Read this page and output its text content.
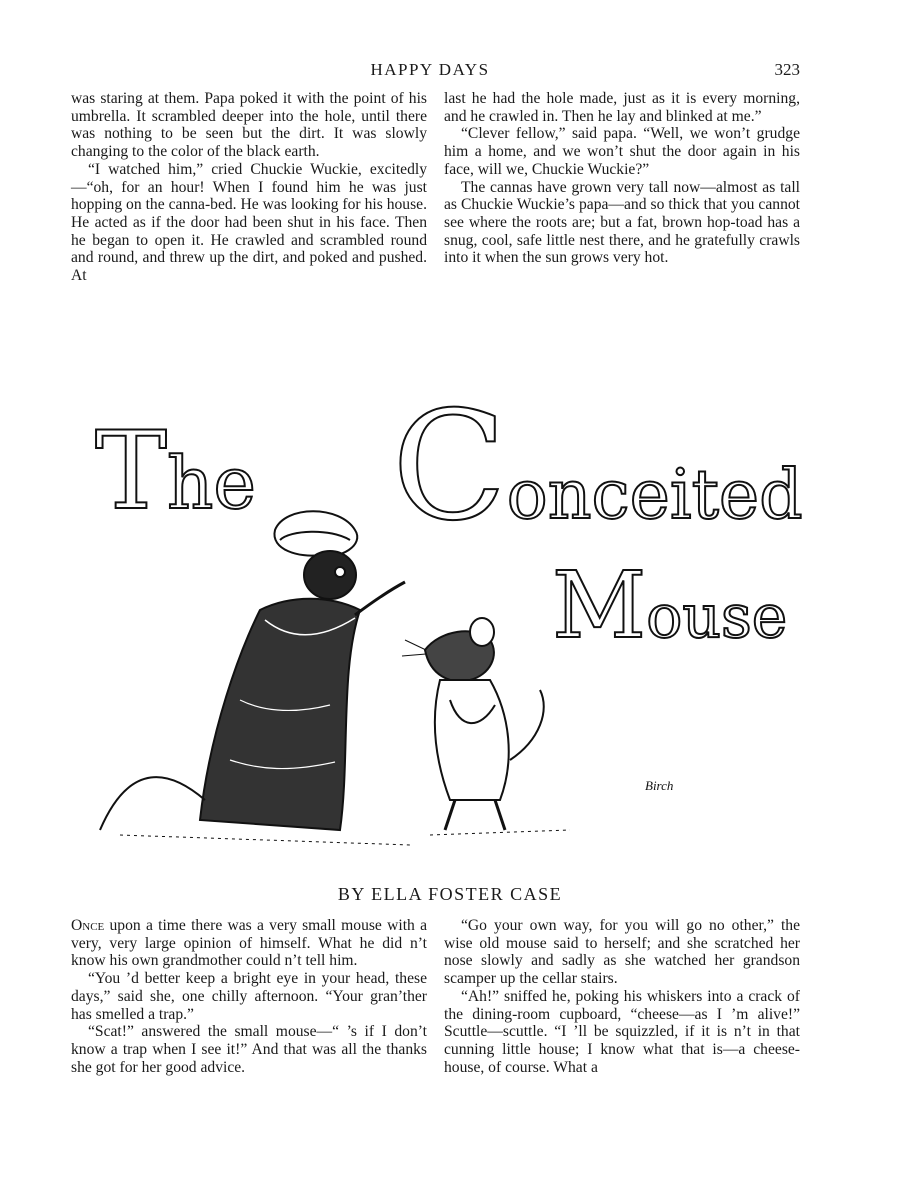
HAPPY DAYS	323

was staring at them. Papa poked it with the point of his umbrella. It scrambled deeper into the hole, until there was nothing to be seen but the dirt. It was slowly changing to the color of the black earth.

“I watched him,” cried Chuckie Wuckie, excitedly—“oh, for an hour! When I found him he was just hopping on the canna-bed. He was looking for his house. He acted as if the door had been shut in his face. Then he began to open it. He crawled and scrambled round and round, and threw up the dirt, and poked and pushed. At

last he had the hole made, just as it is every morning, and he crawled in. Then he lay and blinked at me.”

“Clever fellow,” said papa. “Well, we won’t grudge him a home, and we won’t shut the door again in his face, will we, Chuckie Wuckie?”

The cannas have grown very tall now—almost as tall as Chuckie Wuckie’s papa—and so thick that you cannot see where the roots are; but a fat, brown hop-toad has a snug, cool, safe little nest there, and he gratefully crawls into it when the sun grows very hot.

Birch
The Conceited
Mouse
BY ELLA FOSTER CASE

Once upon a time there was a very small mouse with a very, very large opinion of himself. What he did n’t know his own grandmother could n’t tell him.

“You ’d better keep a bright eye in your head, these days,” said she, one chilly afternoon. “Your gran’ther has smelled a trap.”

“Scat!” answered the small mouse—“ ’s if I don’t know a trap when I see it!” And that was all the thanks she got for her good advice.

“Go your own way, for you will go no other,” the wise old mouse said to herself; and she scratched her nose slowly and sadly as she watched her grandson scamper up the cellar stairs.

“Ah!” sniffed he, poking his whiskers into a crack of the dining-room cupboard, “cheese—as I ’m alive!” Scuttle—scuttle. “I ’ll be squizzled, if it is n’t in that cunning little house; I know what that is—a cheese-house, of course. What a
